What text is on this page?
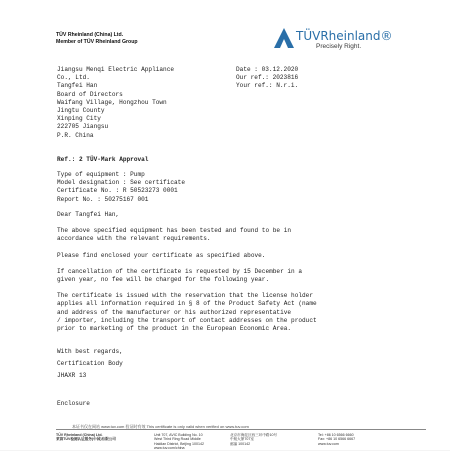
TÜV Rheinland (China) Ltd.
Member of TÜV Rheinland Group	TÜVRheinland®
Precisely Right.
Jiangsu Menqi Electric Appliance
Co., Ltd.
Tangfei Han
Board of Directors
Waifang Village, Hongzhou Town
Jingtu County
Xinping City
222705 Jiangsu
P.R. China
Date : 03.12.2020
Our ref.: 2023816
Your ref.: N.r.i.
Ref.: 2 TÜV-Mark Approval
Type of equipment : Pump
Model designation : See certificate
Certificate No. : R 50523273 0001
Report No. : 50275167 001

Dear Tangfei Han,

The above specified equipment has been tested and found to be in
accordance with the relevant requirements.

Please find enclosed your certificate as specified above.

If cancellation of the certificate is requested by 15 December in a
given year, no fee will be charged for the following year.

The certificate is issued with the reservation that the license holder
applies all information required in § 8 of the Product Safety Act (name
and address of the manufacturer or his authorized representative
/ importer, including the transport of contact addresses on the product
prior to marketing of the product in the European Economic Area.

With best regards,
Certification Body
JHAXR 13
Enclosure
本证书仅在网站 www.tuv.com 验证时有效 This certificate is only valid when verified on www.tuv.com
TÜV Rheinland (China) Ltd.
莱茵TÜV检测认证服务(中国)有限公司
Unit 707, AVIC Building No. 10
West Third Ring Road Middle
Haidian District, Beijing 100142
www.tuv.com/china
北京市海淀区西三环中路10号
中航大厦707室
邮编 100142
Tel: +86 10 6566 6660
Fax: +86 10 6566 6667
www.tuv.com
